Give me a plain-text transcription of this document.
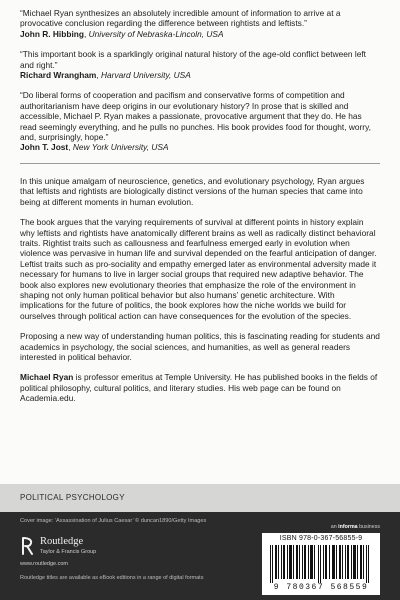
“Michael Ryan synthesizes an absolutely incredible amount of information to arrive at a provocative conclusion regarding the difference between rightists and leftists.”
John R. Hibbing, University of Nebraska-Lincoln, USA
“This important book is a sparklingly original natural history of the age-old conflict between left and right.”
Richard Wrangham, Harvard University, USA
“Do liberal forms of cooperation and pacifism and conservative forms of competition and authoritarianism have deep origins in our evolutionary history? In prose that is skilled and accessible, Michael P. Ryan makes a passionate, provocative argument that they do. He has read seemingly everything, and he pulls no punches. His book provides food for thought, worry, and, surprisingly, hope.”
John T. Jost, New York University, USA

In this unique amalgam of neuroscience, genetics, and evolutionary psychology, Ryan argues that leftists and rightists are biologically distinct versions of the human species that came into being at different moments in human evolution.

The book argues that the varying requirements of survival at different points in history explain why leftists and rightists have anatomically different brains as well as radically distinct behavioral traits. Rightist traits such as callousness and fearfulness emerged early in evolution when violence was pervasive in human life and survival depended on the fearful anticipation of danger. Leftist traits such as pro-sociality and empathy emerged later as environmental adversity made it necessary for humans to live in larger social groups that required new adaptive behavior. The book also explores new evolutionary theories that emphasize the role of the environment in shaping not only human political behavior but also humans’ genetic architecture. With implications for the future of politics, the book explores how the niche worlds we build for ourselves through political action can have consequences for the evolution of the species.

Proposing a new way of understanding human politics, this is fascinating reading for students and academics in psychology, the social sciences, and humanities, as well as general readers interested in political behavior.

Michael Ryan is professor emeritus at Temple University. He has published books in the fields of political philosophy, cultural politics, and literary studies. His web page can be found on Academia.edu.

POLITICAL PSYCHOLOGY
Cover image: ‘Assassination of Julius Caesar’ © duncan1890/Getty Images
an informa business
Routledge
Taylor & Francis Group
www.routledge.com
Routledge titles are available as eBook editions in a range of digital formats
ISBN 978-0-367-56855-9
9 780367 568559
